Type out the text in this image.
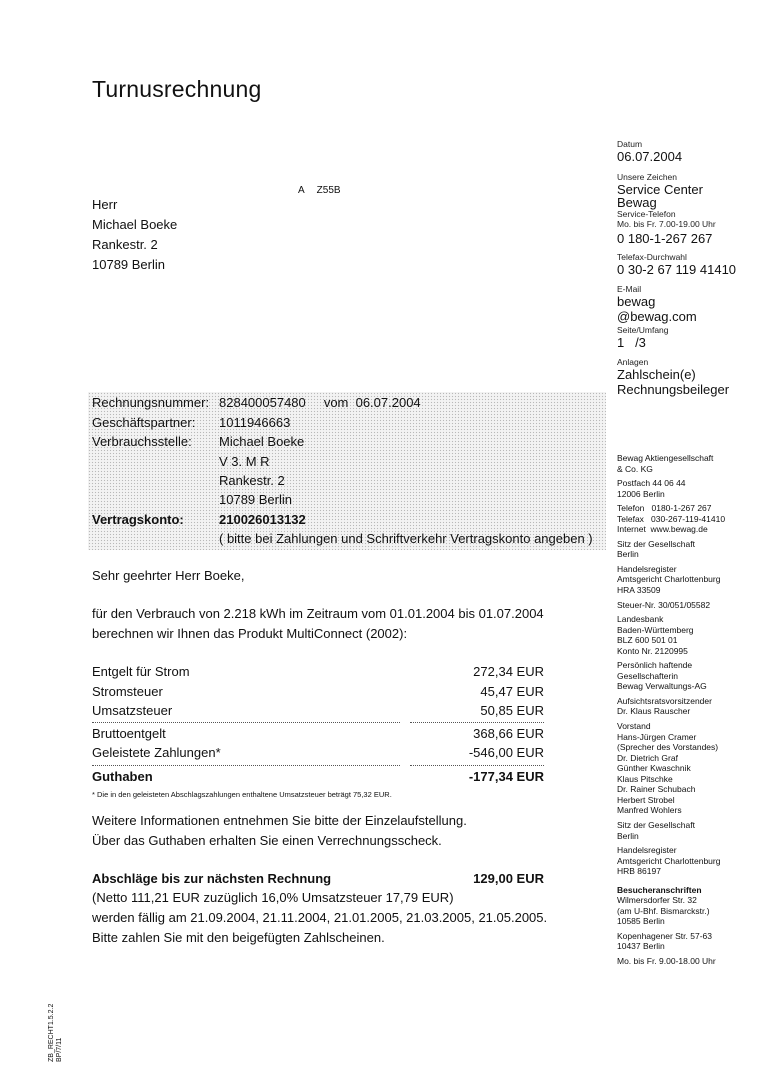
Turnusrechnung
A Z55B
Herr
Michael Boeke
Rankestr. 2
10789 Berlin
Datum
06.07.2004
Unsere Zeichen
Service Center
Bewag
Service-Telefon
Mo. bis Fr. 7.00-19.00 Uhr
0 180-1-267 267
Telefax-Durchwahl
0 30-2 67 119 41410
E-Mail
bewag
@bewag.com
Seite/Umfang
1   /3
Anlagen
Zahlschein(e)
Rechnungsbeileger
Rechnungsnummer: 828400057480     vom  06.07.2004
Geschäftspartner: 1011946663
Verbrauchsstelle: Michael Boeke
V 3. M R
Rankestr. 2
10789 Berlin
Vertragskonto:	210026013132
( bitte bei Zahlungen und Schriftverkehr Vertragskonto angeben )
Sehr geehrter Herr Boeke,
für den Verbrauch von 2.218 kWh im Zeitraum vom 01.01.2004 bis 01.07.2004
berechnen wir Ihnen das Produkt MultiConnect (2002):
Entgelt für Strom	272,34 EUR
Stromsteuer	45,47 EUR
Umsatzsteuer	50,85 EUR
Bruttoentgelt	368,66 EUR
Geleistete Zahlungen*	-546,00 EUR
Guthaben	-177,34 EUR
* Die in den geleisteten Abschlagszahlungen enthaltene Umsatzsteuer beträgt 75,32 EUR.
Weitere Informationen entnehmen Sie bitte der Einzelaufstellung.
Über das Guthaben erhalten Sie einen Verrechnungsscheck.
Abschläge bis zur nächsten Rechnung	129,00 EUR
(Netto 111,21 EUR zuzüglich 16,0% Umsatzsteuer 17,79 EUR)
werden fällig am 21.09.2004, 21.11.2004, 21.01.2005, 21.03.2005, 21.05.2005.
Bitte zahlen Sie mit den beigefügten Zahlscheinen.
Bewag Aktiengesellschaft
& Co. KG
Postfach 44 06 44
12006 Berlin
Telefon   0180-1-267 267
Telefax   030-267-119-41410
Internet  www.bewag.de
Sitz der Gesellschaft
Berlin
Handelsregister
Amtsgericht Charlottenburg
HRA 33509
Steuer-Nr. 30/051/05582
Landesbank
Baden-Württemberg
BLZ 600 501 01
Konto Nr. 2120995
Persönlich haftende
Gesellschafterin
Bewag Verwaltungs-AG
Aufsichtsratsvorsitzender
Dr. Klaus Rauscher
Vorstand
Hans-Jürgen Cramer
(Sprecher des Vorstandes)
Dr. Dietrich Graf
Günther Kwaschnik
Klaus Pitschke
Dr. Rainer Schubach
Herbert Strobel
Manfred Wohlers
Sitz der Gesellschaft
Berlin
Handelsregister
Amtsgericht Charlottenburg
HRB 86197
Besucheranschriften
Wilmersdorfer Str. 32
(am U-Bhf. Bismarckstr.)
10585 Berlin
Kopenhagener Str. 57-63
10437 Berlin
Mo. bis Fr. 9.00-18.00 Uhr
ZB_RECHT1.5.2.2 BP/7/11
